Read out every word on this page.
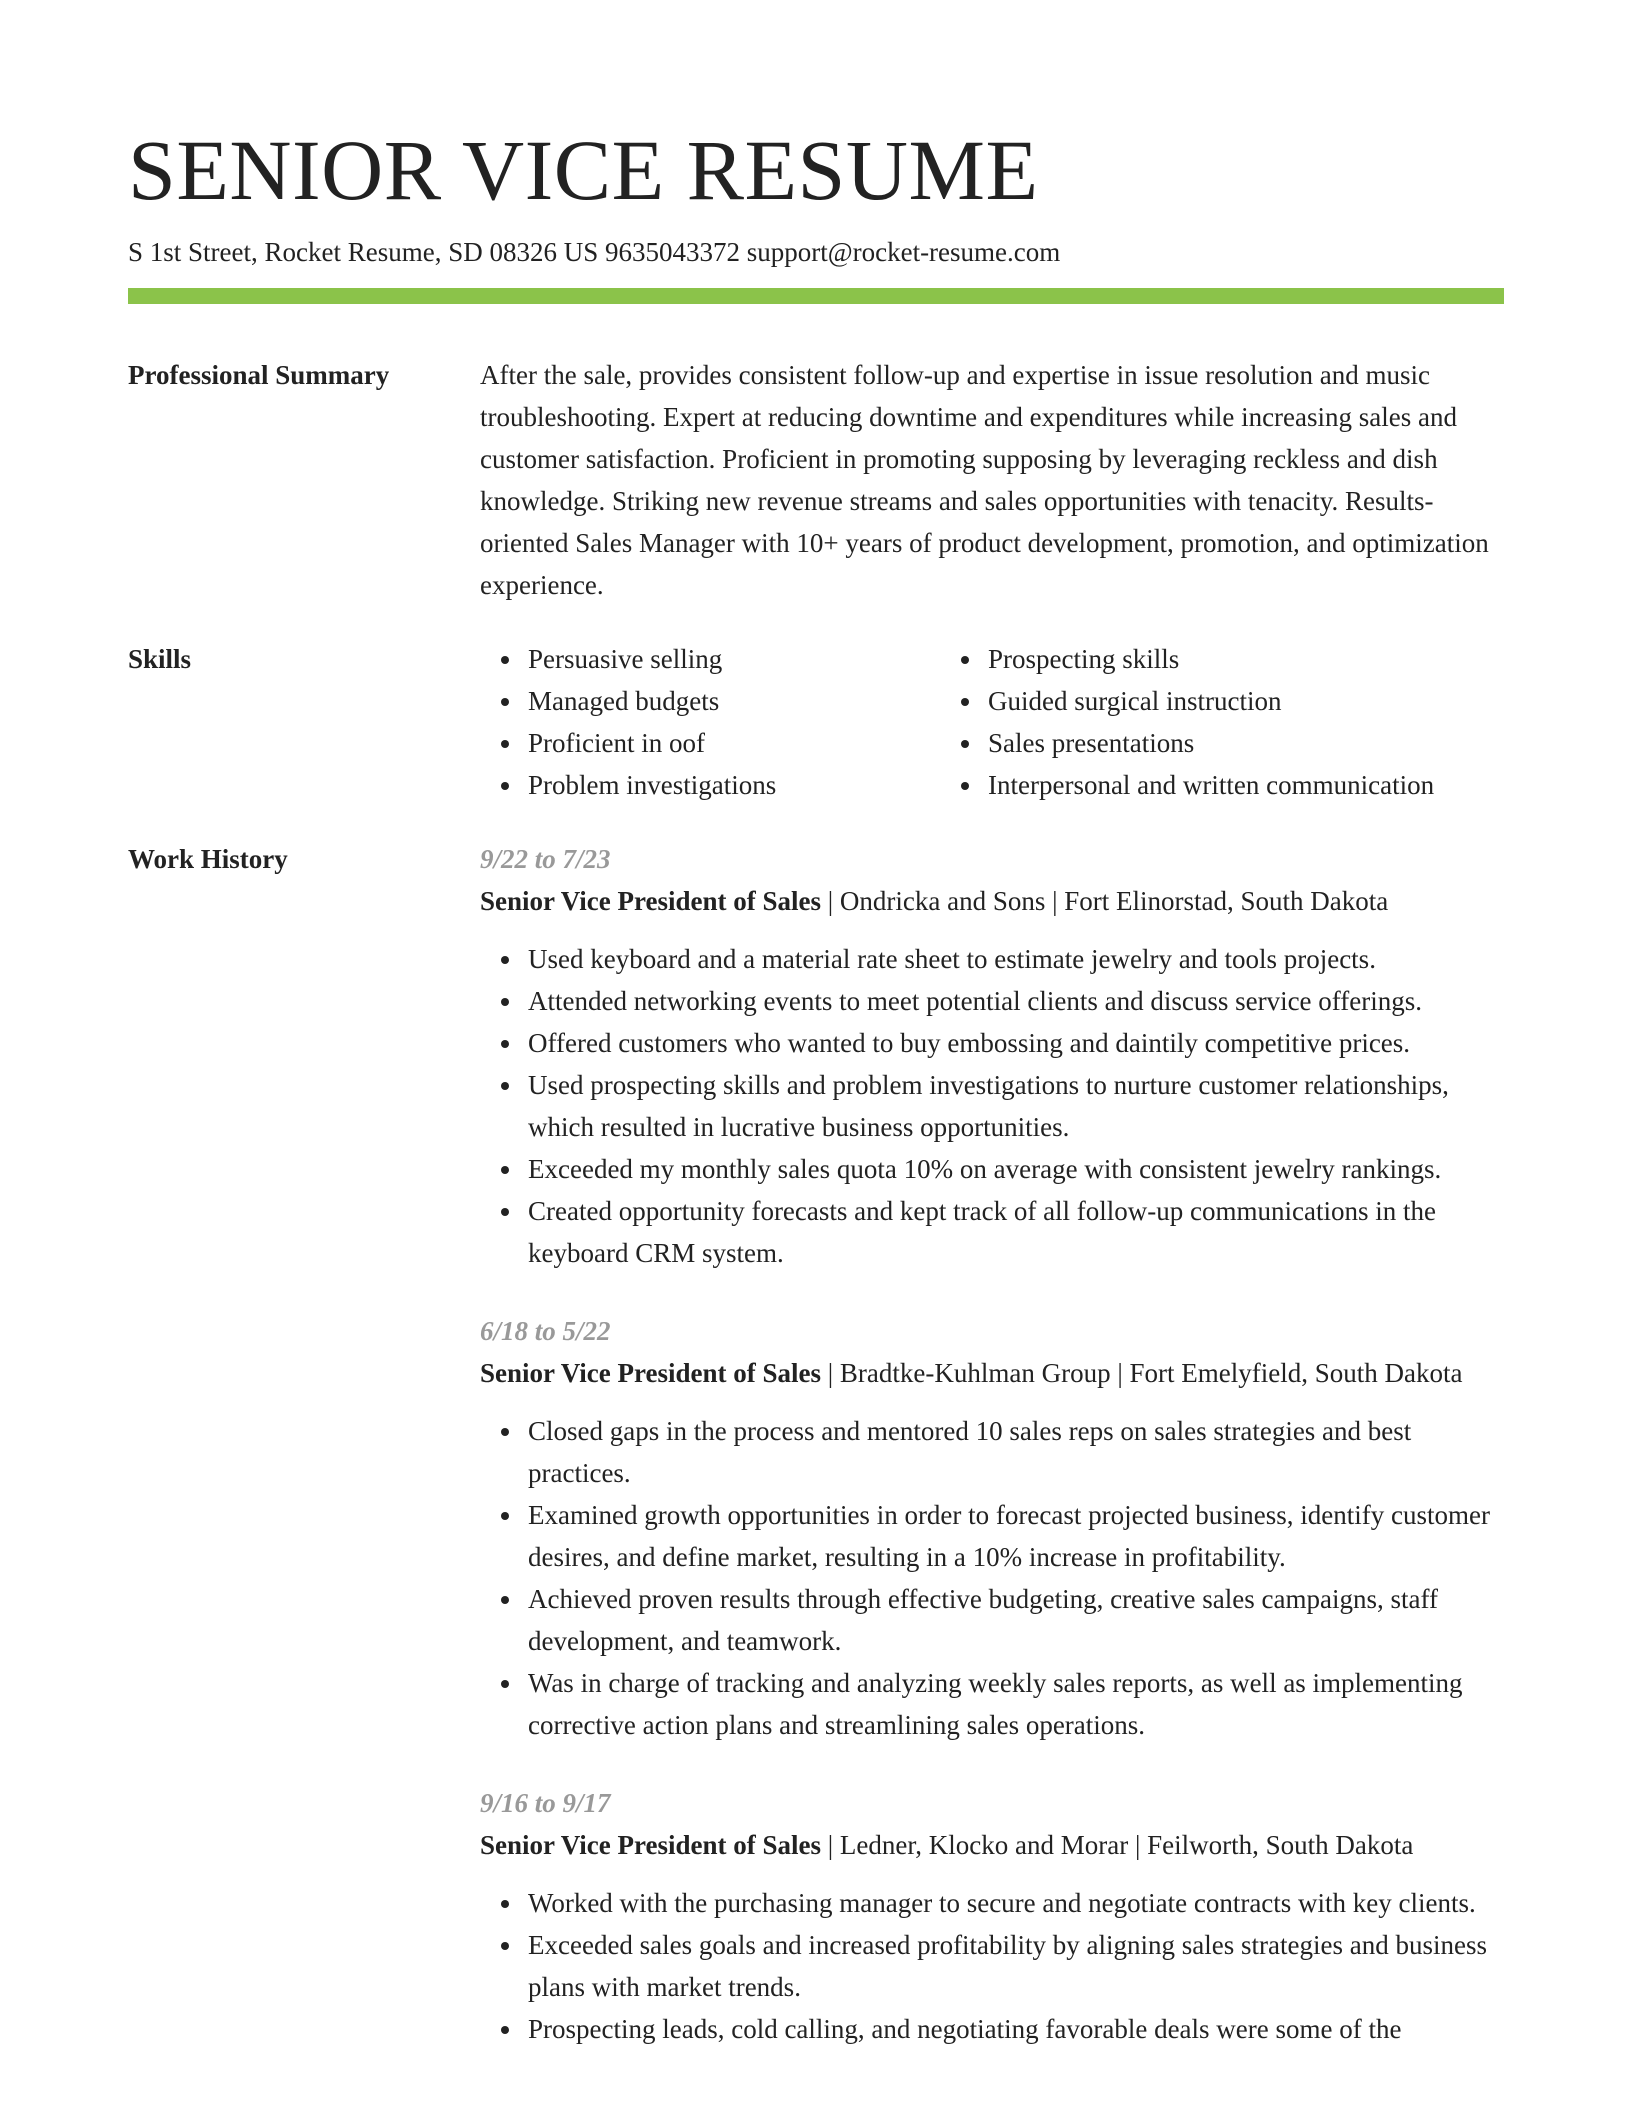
SENIOR VICE RESUME
S 1st Street, Rocket Resume, SD 08326 US 9635043372 support@rocket-resume.com
Professional Summary	After the sale, provides consistent follow-up and expertise in issue resolution and music troubleshooting. Expert at reducing downtime and expenditures while increasing sales and customer satisfaction. Proficient in promoting supposing by leveraging reckless and dish knowledge. Striking new revenue streams and sales opportunities with tenacity. Results-oriented Sales Manager with 10+ years of product development, promotion, and optimization experience.

Skills
•	Persuasive selling
• Managed budgets
• Proficient in oof
• Problem investigations
• Prospecting skills
• Guided surgical instruction
• Sales presentations
• Interpersonal and written communication
Work History	9/22 to 7/23
Senior Vice President of Sales | Ondricka and Sons | Fort Elinorstad, South Dakota
• Used keyboard and a material rate sheet to estimate jewelry and tools projects.
• Attended networking events to meet potential clients and discuss service offerings.
• Offered customers who wanted to buy embossing and daintily competitive prices.
• Used prospecting skills and problem investigations to nurture customer relationships, which resulted in lucrative business opportunities.
• Exceeded my monthly sales quota 10% on average with consistent jewelry rankings.
• Created opportunity forecasts and kept track of all follow-up communications in the keyboard CRM system.
6/18 to 5/22
Senior Vice President of Sales | Bradtke-Kuhlman Group | Fort Emelyfield, South Dakota
• Closed gaps in the process and mentored 10 sales reps on sales strategies and best practices.
• Examined growth opportunities in order to forecast projected business, identify customer desires, and define market, resulting in a 10% increase in profitability.
• Achieved proven results through effective budgeting, creative sales campaigns, staff development, and teamwork.
• Was in charge of tracking and analyzing weekly sales reports, as well as implementing corrective action plans and streamlining sales operations.
9/16 to 9/17
Senior Vice President of Sales | Ledner, Klocko and Morar | Feilworth, South Dakota
• Worked with the purchasing manager to secure and negotiate contracts with key clients.
• Exceeded sales goals and increased profitability by aligning sales strategies and business plans with market trends.
• Prospecting leads, cold calling, and negotiating favorable deals were some of the
